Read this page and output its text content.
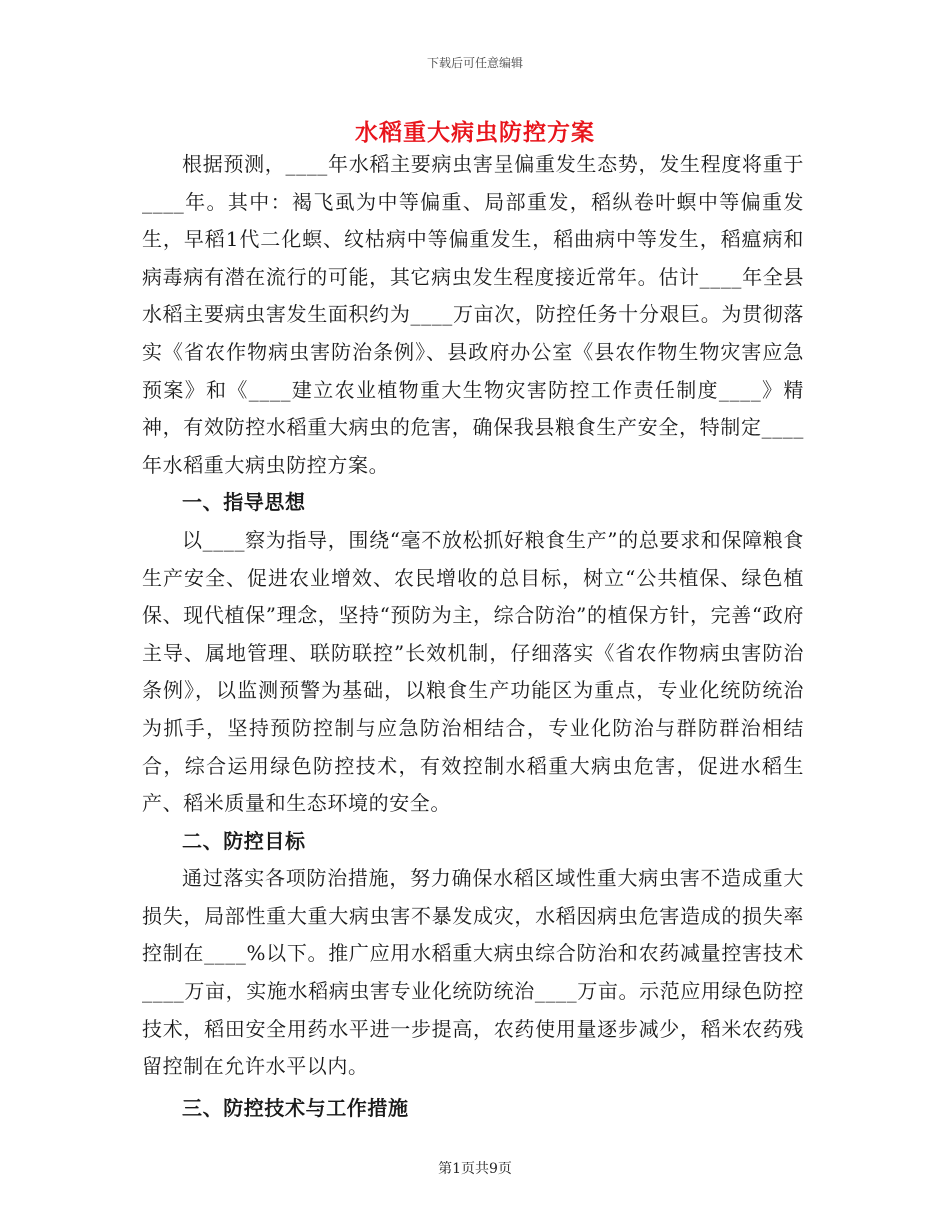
下载后可任意编辑
水稻重大病虫防控方案

根据预测，____年水稻主要病虫害呈偏重发生态势，发生程度将重于____年。其中：褐飞虱为中等偏重、局部重发，稻纵卷叶螟中等偏重发生，早稻1代二化螟、纹枯病中等偏重发生，稻曲病中等发生，稻瘟病和病毒病有潜在流行的可能，其它病虫发生程度接近常年。估计____年全县水稻主要病虫害发生面积约为____万亩次，防控任务十分艰巨。为贯彻落实《省农作物病虫害防治条例》、县政府办公室《县农作物生物灾害应急预案》和《____建立农业植物重大生物灾害防控工作责任制度____》精神，有效防控水稻重大病虫的危害，确保我县粮食生产安全，特制定____年水稻重大病虫防控方案。

一、指导思想

以____察为指导，围绕“毫不放松抓好粮食生产”的总要求和保障粮食生产安全、促进农业增效、农民增收的总目标，树立“公共植保、绿色植保、现代植保”理念，坚持“预防为主，综合防治”的植保方针，完善“政府主导、属地管理、联防联控”长效机制，仔细落实《省农作物病虫害防治条例》，以监测预警为基础，以粮食生产功能区为重点，专业化统防统治为抓手，坚持预防控制与应急防治相结合，专业化防治与群防群治相结合，综合运用绿色防控技术，有效控制水稻重大病虫危害，促进水稻生产、稻米质量和生态环境的安全。

二、防控目标

通过落实各项防治措施，努力确保水稻区域性重大病虫害不造成重大损失，局部性重大重大病虫害不暴发成灾，水稻因病虫危害造成的损失率控制在____%以下。推广应用水稻重大病虫综合防治和农药减量控害技术____万亩，实施水稻病虫害专业化统防统治____万亩。示范应用绿色防控技术，稻田安全用药水平进一步提高，农药使用量逐步减少，稻米农药残留控制在允许水平以内。

三、防控技术与工作措施

第1页共9页
